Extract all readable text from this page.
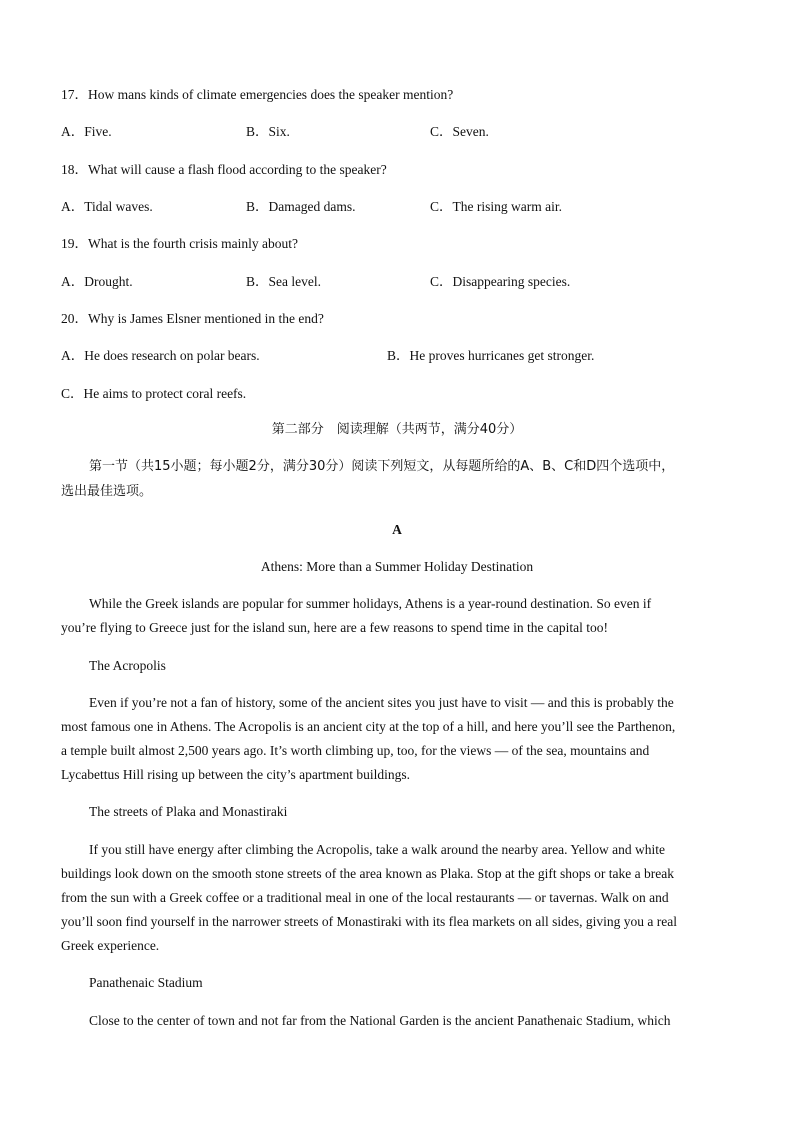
17．How mans kinds of climate emergencies does the speaker mention?
A．Five.	B．Six.	C．Seven.
18．What will cause a flash flood according to the speaker?
A．Tidal waves.	B．Damaged dams.	C．The rising warm air.
19．What is the fourth crisis mainly about?
A．Drought.	B．Sea level.	C．Disappearing species.
20．Why is James Elsner mentioned in the end?
A．He does research on polar bears.	B．He proves hurricanes get stronger.
C．He aims to protect coral reefs.
第二部分　阅读理解（共两节，满分40分）
第一节（共15小题；每小题2分，满分30分）阅读下列短文，从每题所给的A、B、C和D四个选项中，
选出最佳选项。
A
Athens: More than a Summer Holiday Destination
While the Greek islands are popular for summer holidays, Athens is a year-round destination. So even if
you’re flying to Greece just for the island sun, here are a few reasons to spend time in the capital too!
The Acropolis
Even if you’re not a fan of history, some of the ancient sites you just have to visit — and this is probably the
most famous one in Athens. The Acropolis is an ancient city at the top of a hill, and here you’ll see the Parthenon,
a temple built almost 2,500 years ago. It’s worth climbing up, too, for the views — of the sea, mountains and
Lycabettus Hill rising up between the city’s apartment buildings.
The streets of Plaka and Monastiraki
If you still have energy after climbing the Acropolis, take a walk around the nearby area. Yellow and white
buildings look down on the smooth stone streets of the area known as Plaka. Stop at the gift shops or take a break
from the sun with a Greek coffee or a traditional meal in one of the local restaurants — or tavernas. Walk on and
you’ll soon find yourself in the narrower streets of Monastiraki with its flea markets on all sides, giving you a real
Greek experience.
Panathenaic Stadium
Close to the center of town and not far from the National Garden is the ancient Panathenaic Stadium, which
